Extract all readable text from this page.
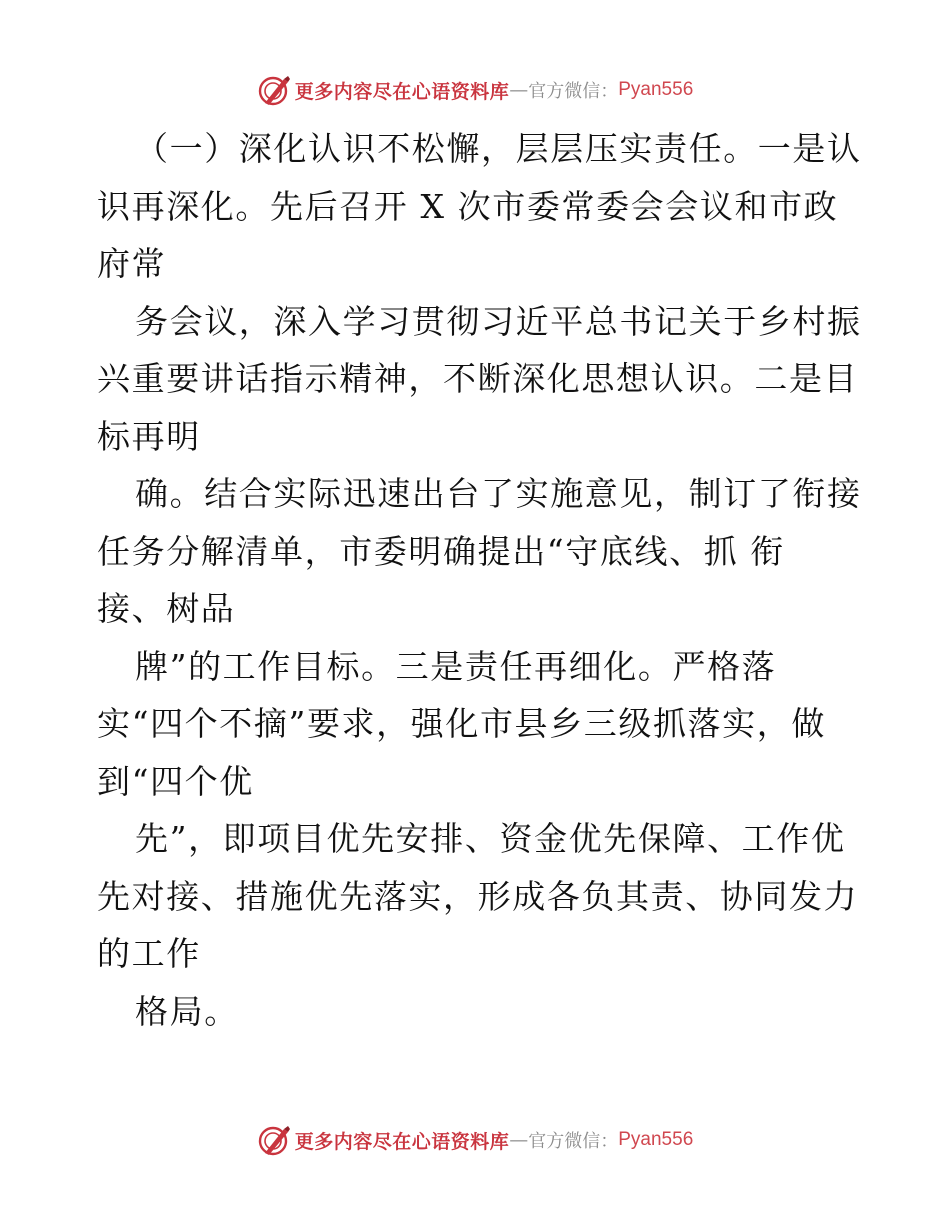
更多内容尽在心语资料库 — 官方微信： Pyan556
（一）深化认识不松懈，层层压实责任。一是认
识再深化。先后召开 X 次市委常委会会议和市政
府常
务会议，深入学习贯彻习近平总书记关于乡村振
兴重要讲话指示精神，不断深化思想认识。二是目
标再明
确。结合实际迅速出台了实施意见，制订了衔接
任务分解清单，市委明确提出“守底线、抓 衔
接、树品
牌”的工作目标。三是责任再细化。严格落
实“四个不摘”要求，强化市县乡三级抓落实，做
到“四个优
先”，即项目优先安排、资金优先保障、工作优
先对接、措施优先落实，形成各负其责、协同发力
的工作
格局。
更多内容尽在心语资料库 — 官方微信： Pyan556
